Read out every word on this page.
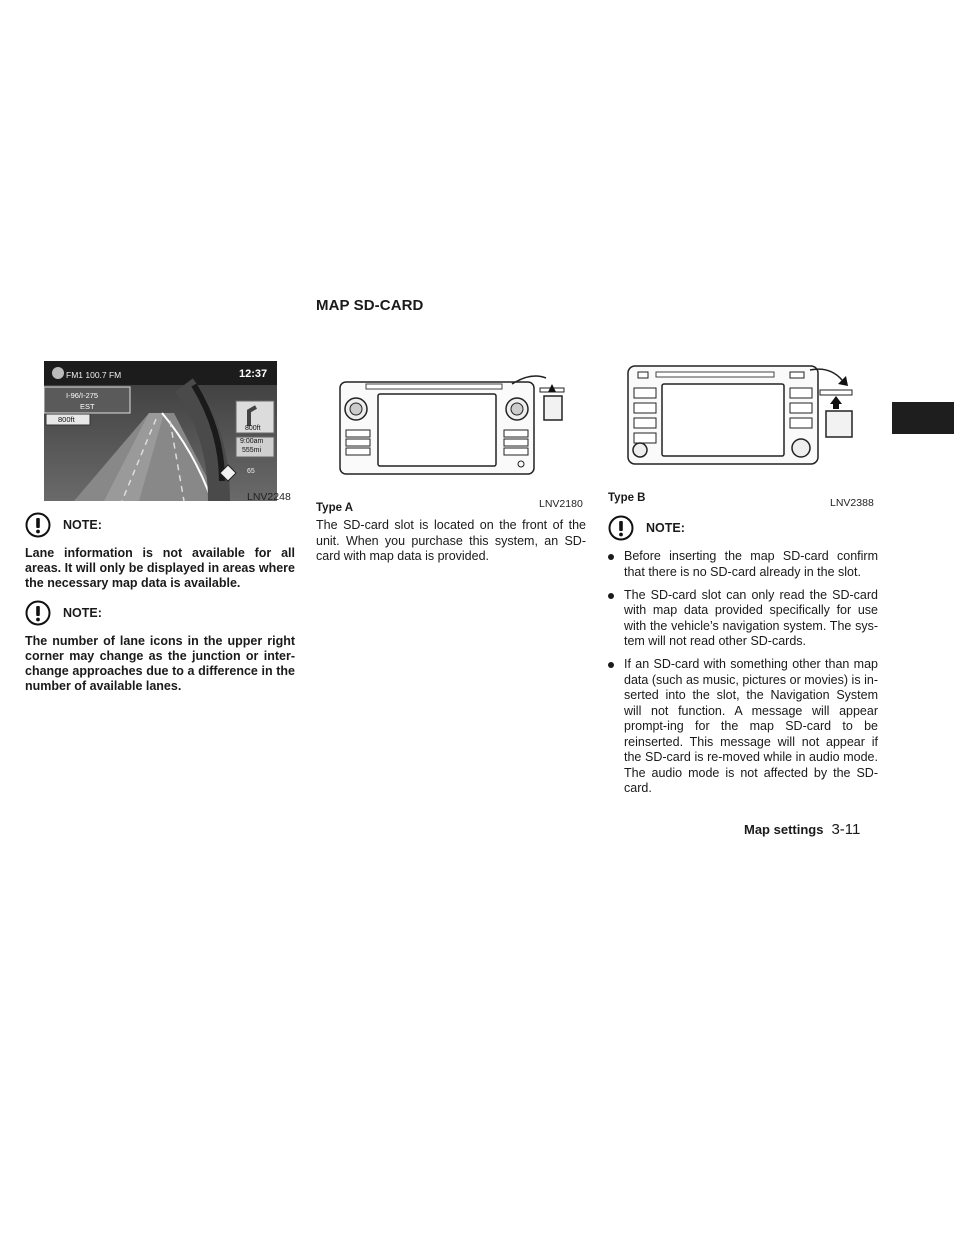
MAP SD-CARD
FM1 100.7 FM	12:37
I-96/I-275
EST
800ft
800ft
9:00am
555mi
65
LNV2248
LNV2180
Type A
Type B	LNV2388
NOTE:
Lane information is not available for all areas. It will only be displayed in areas where the necessary map data is available.
NOTE:
The number of lane icons in the upper right corner may change as the junction or inter-change approaches due to a difference in the number of available lanes.
The SD-card slot is located on the front of the unit. When you purchase this system, an SD-card with map data is provided.
NOTE:
Before inserting the map SD-card confirm that there is no SD-card already in the slot.
The SD-card slot can only read the SD-card with map data provided specifically for use with the vehicle’s navigation system. The sys-tem will not read other SD-cards.
If an SD-card with something other than map data (such as music, pictures or movies) is in-serted into the slot, the Navigation System will not function. A message will appear prompt-ing for the map SD-card to be reinserted. This message will not appear if the SD-card is re-moved while in audio mode. The audio mode is not affected by the SD-card.
Map settings 3-11
